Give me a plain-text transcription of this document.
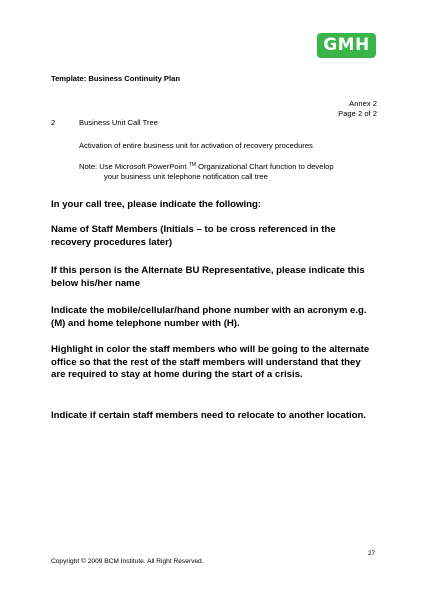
GMH
Template: Business Continuity Plan
Annex 2
Page 2 of 2
2	Business Unit Call Tree
Activation of entire business unit for activation of recovery procedures
Note: Use Microsoft PowerPoint ™ Organizational Chart function to develop
your business unit telephone notification call tree
In your call tree, please indicate the following:
Name of Staff Members (Initials – to be cross referenced in the recovery procedures later)
If this person is the Alternate BU Representative, please indicate this below his/her name
Indicate the mobile/cellular/hand phone number with an acronym e.g. (M) and home telephone number with (H).
Highlight in color the staff members who will be going to the alternate office so that the rest of the staff members will understand that they are required to stay at home during the start of a crisis.
Indicate if certain staff members need to relocate to another location.
27
Copyright © 2009 BCM Institute. All Right Reserved.
